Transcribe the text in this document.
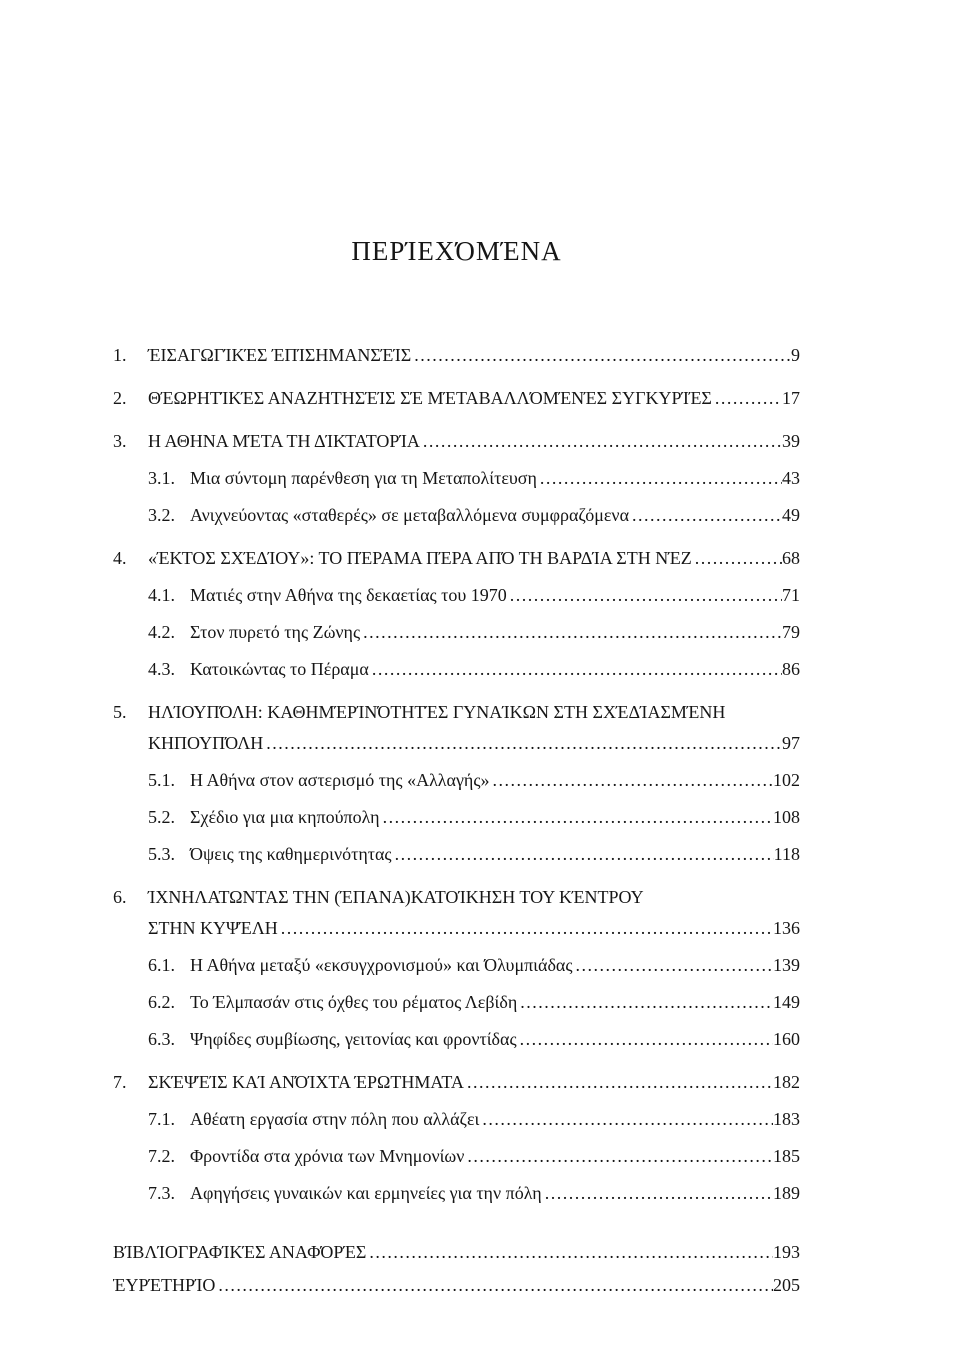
ΠΕΡΊΕΧΌΜΈΝΑ
1.	ΈΙΣΑΓΩΓΊΚΈΣ ΈΠΊΣΗΜΑΝΣΈΊΣ .....	9
2.	ΘΈΩΡΗΤΊΚΈΣ ΑΝΑΖΗΤΗΣΈΊΣ ΣΈ ΜΈΤΑΒΑΛΛΌΜΈΝΈΣ ΣΥΓΚΥΡΊΈΣ .....	17
3.	Η ΑΘΗΝΑ ΜΈΤΑ ΤΗ ΔΊΚΤΑΤΟΡΊΑ .....	39
3.1. Μια σύντομη παρένθεση για τη Μεταπολίτευση .....	43
3.2. Ανιχνεύοντας «σταθερές» σε μεταβαλλόμενα συμφραζόμενα .....	49
4.	«ΈΚΤΟΣ ΣΧΈΔΊΟΥ»: ΤΟ ΠΈΡΑΜΑ ΠΈΡΑ ΑΠΌ ΤΗ ΒΑΡΔΊΑ ΣΤΗ ΝΈΖ .....	68
4.1. Ματιές στην Αθήνα της δεκαετίας του 1970 .....	71
4.2. Στον πυρετό της Ζώνης .....	79
4.3. Κατοικώντας το Πέραμα .....	86
5.	ΗΛΊΟΥΠΌΛΗ: ΚΑΘΗΜΈΡΊΝΌΤΗΤΈΣ ΓΥΝΑΊΚΩΝ ΣΤΗ ΣΧΈΔΊΑΣΜΈΝΗ
ΚΗΠΟΥΠΌΛΗ .....	97
5.1. Η Αθήνα στον αστερισμό της «Αλλαγής» .....	102
5.2. Σχέδιο για μια κηπούπολη .....	108
5.3. Όψεις της καθημερινότητας .....	118
6.	ΊΧΝΗΛΑΤΩΝΤΑΣ ΤΗΝ (ΈΠΑΝΑ)ΚΑΤΟΊΚΗΣΗ ΤΟΥ ΚΈΝΤΡΟΥ
ΣΤΗΝ ΚΥΨΈΛΗ .....	136
6.1. Η Αθήνα μεταξύ «εκσυγχρονισμού» και Όλυμπιάδας .....	139
6.2. Το Έλμπασάν στις όχθες του ρέματος Λεβίδη .....	149
6.3. Ψηφίδες συμβίωσης, γειτονίας και φροντίδας .....	160
7.	ΣΚΈΨΈΊΣ ΚΑΊ ΑΝΌΊΧΤΑ ΈΡΩΤΗΜΑΤΑ .....	182
7.1. Αθέατη εργασία στην πόλη που αλλάζει .....	183
7.2. Φροντίδα στα χρόνια των Μνημονίων .....	185
7.3. Αφηγήσεις γυναικών και ερμηνείες για την πόλη .....	189
ΒΊΒΛΊΟΓΡΑΦΊΚΈΣ ΑΝΑΦΌΡΈΣ .....	193
ΈΥΡΈΤΗΡΊΟ .....	205
